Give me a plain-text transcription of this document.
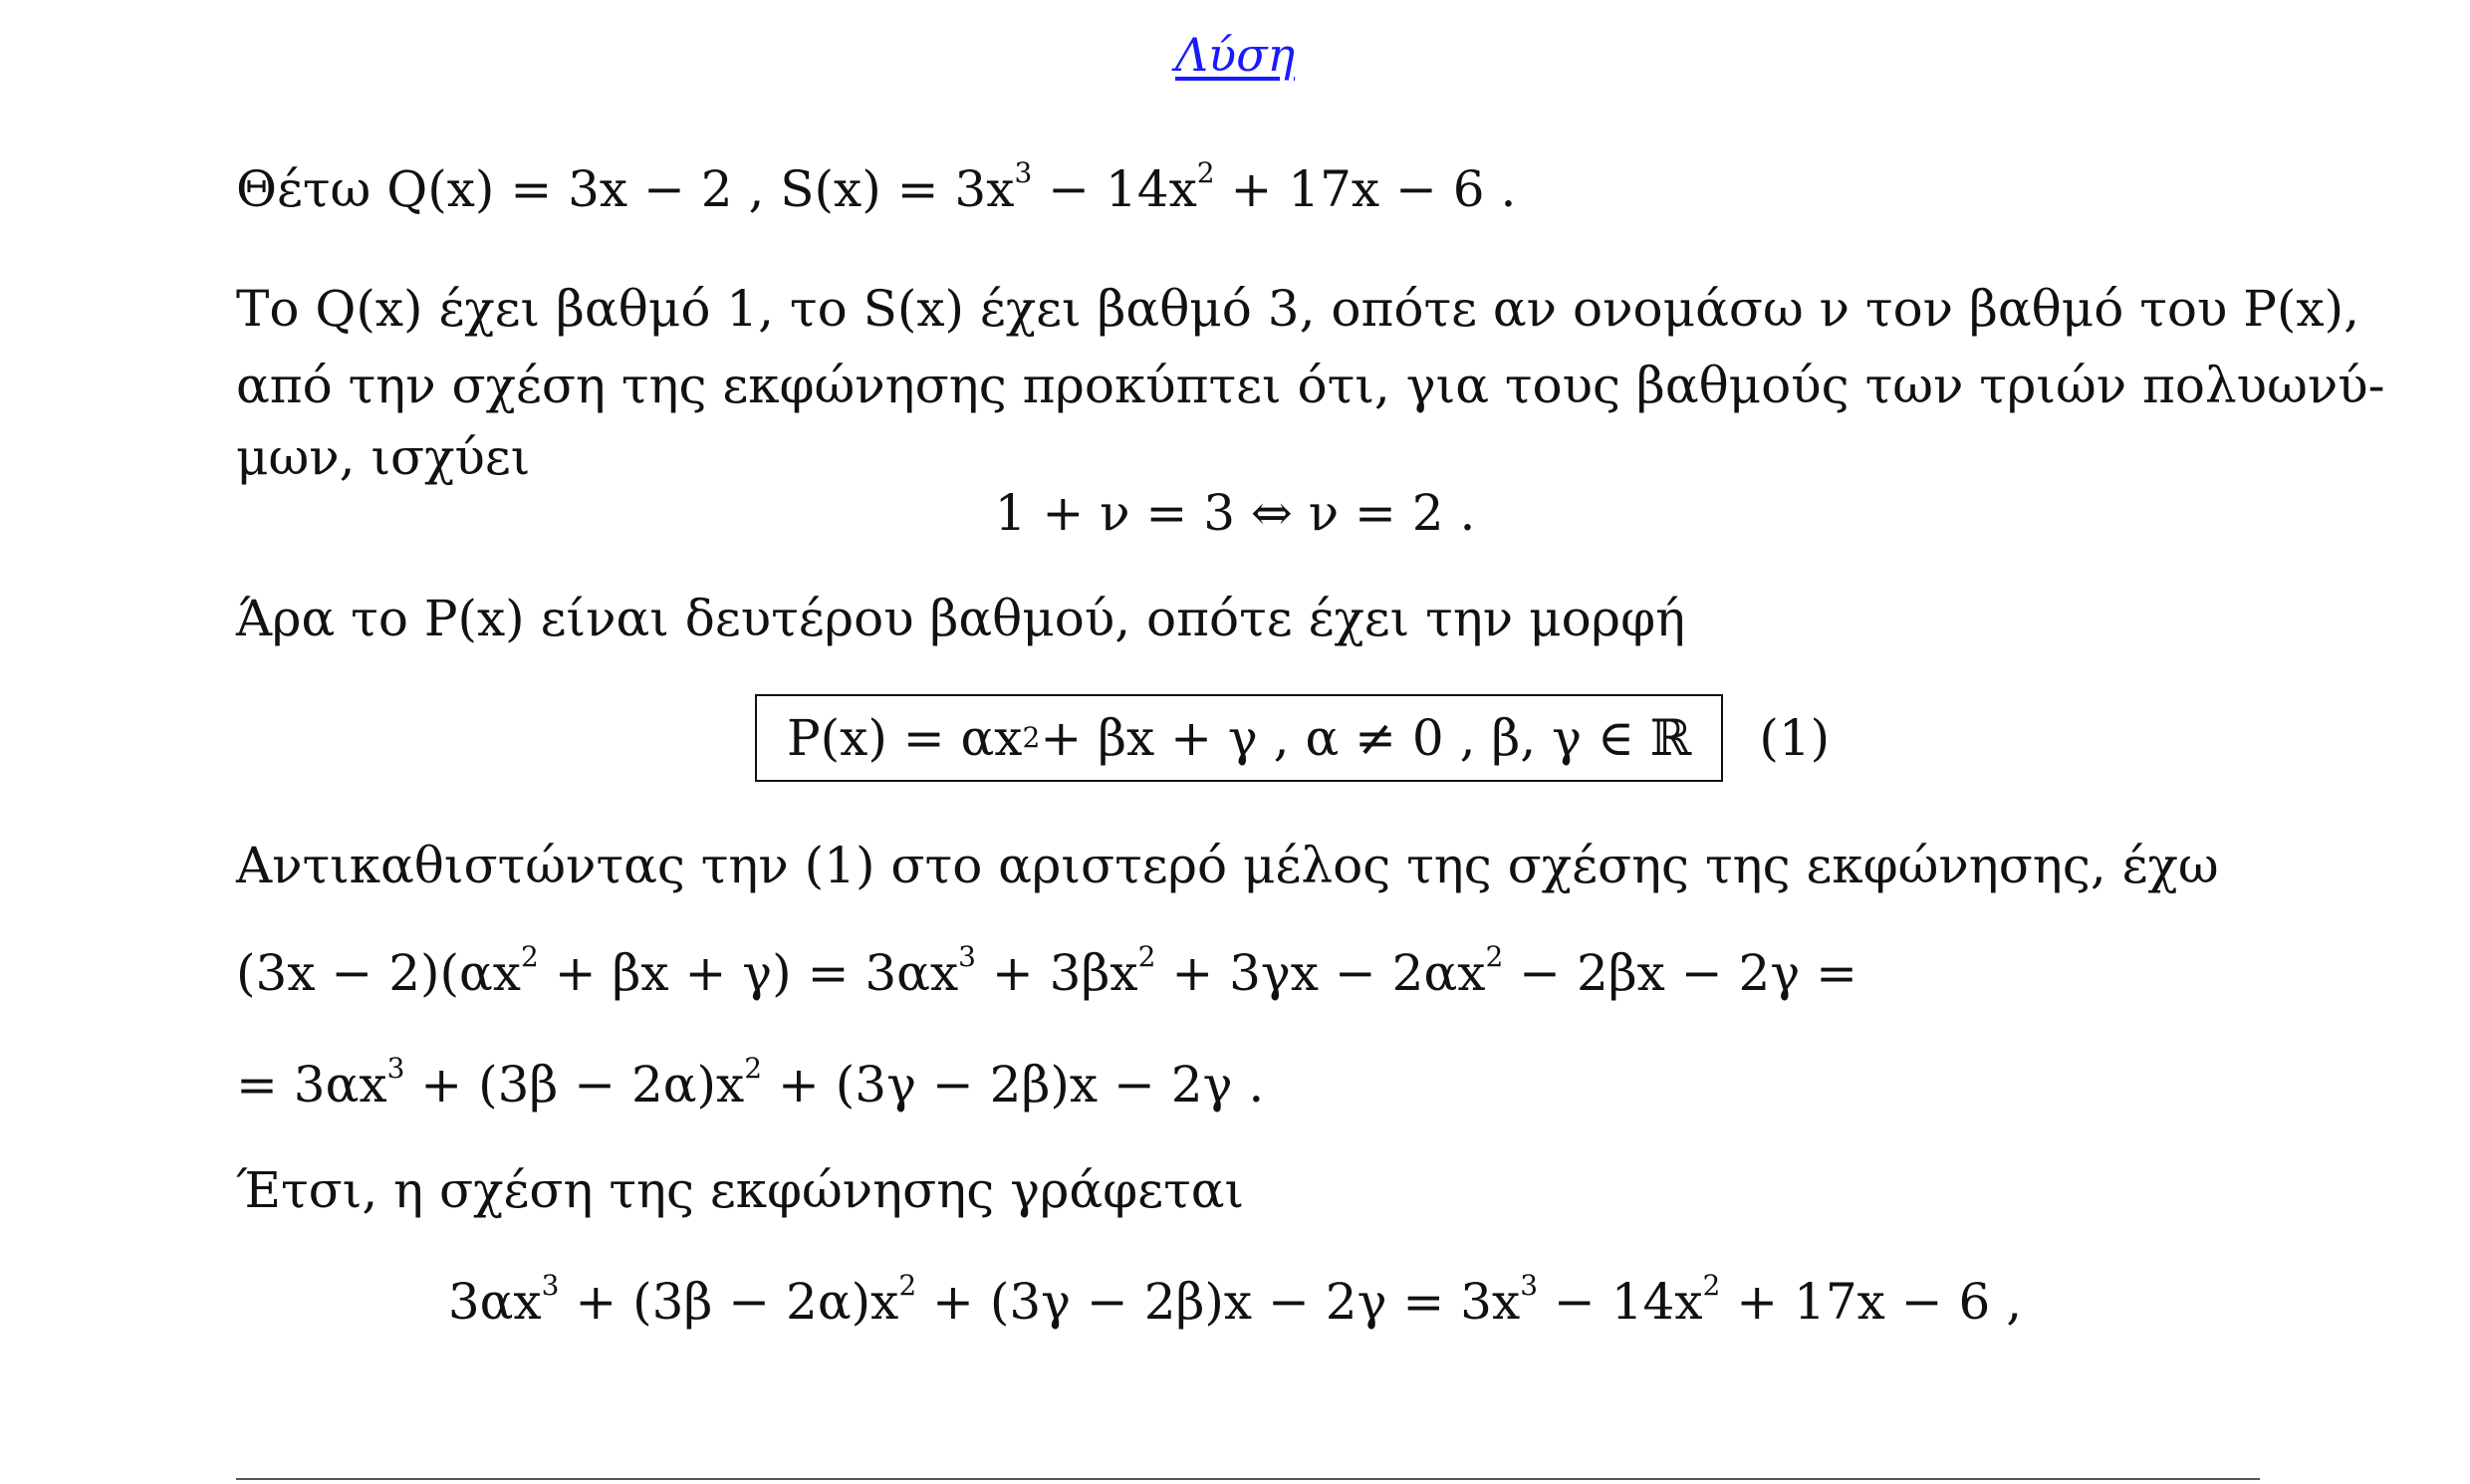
Λύση
Θέτω Q(x) = 3x − 2 , $S(x) = 3x^3 - 14x^2 + 17x - 6$ .
Το Q(x) έχει βαθμό 1, το S(x) έχει βαθμό 3, οπότε αν ονομάσω ν τον βαθμό του P(x),
από την σχέση της εκφώνησης προκύπτει ότι, για τους βαθμούς των τριών πολυωνύ-
μων, ισχύει
1 + ν = 3 ⇔ ν = 2 .
Άρα το P(x) είναι δευτέρου βαθμού, οπότε έχει την μορφή
P(x) = αx 2 + βx + γ , α ≠ 0 , β, γ ∈ ℝ (1)
Αντικαθιστώντας την (1) στο αριστερό μέλος της σχέσης της εκφώνησης, έχω
$(3x - 2)(\alpha x^2 + \beta x + \gamma) = 3\alpha x^3 + 3\beta x^2 + 3\gamma x - 2\alpha x^2 - 2\beta x - 2\gamma$ =
= $3\alpha x^3 + (3\beta - 2\alpha)x^2 + (3\gamma - 2\beta)x - 2\gamma$ .
Έτσι, η σχέση της εκφώνησης γράφεται
$3\alpha x^3 + (3\beta - 2\alpha)x^2 + (3\gamma - 2\beta)x - 2\gamma = 3x^3 - 14x^2 + 17x - 6$ ,
